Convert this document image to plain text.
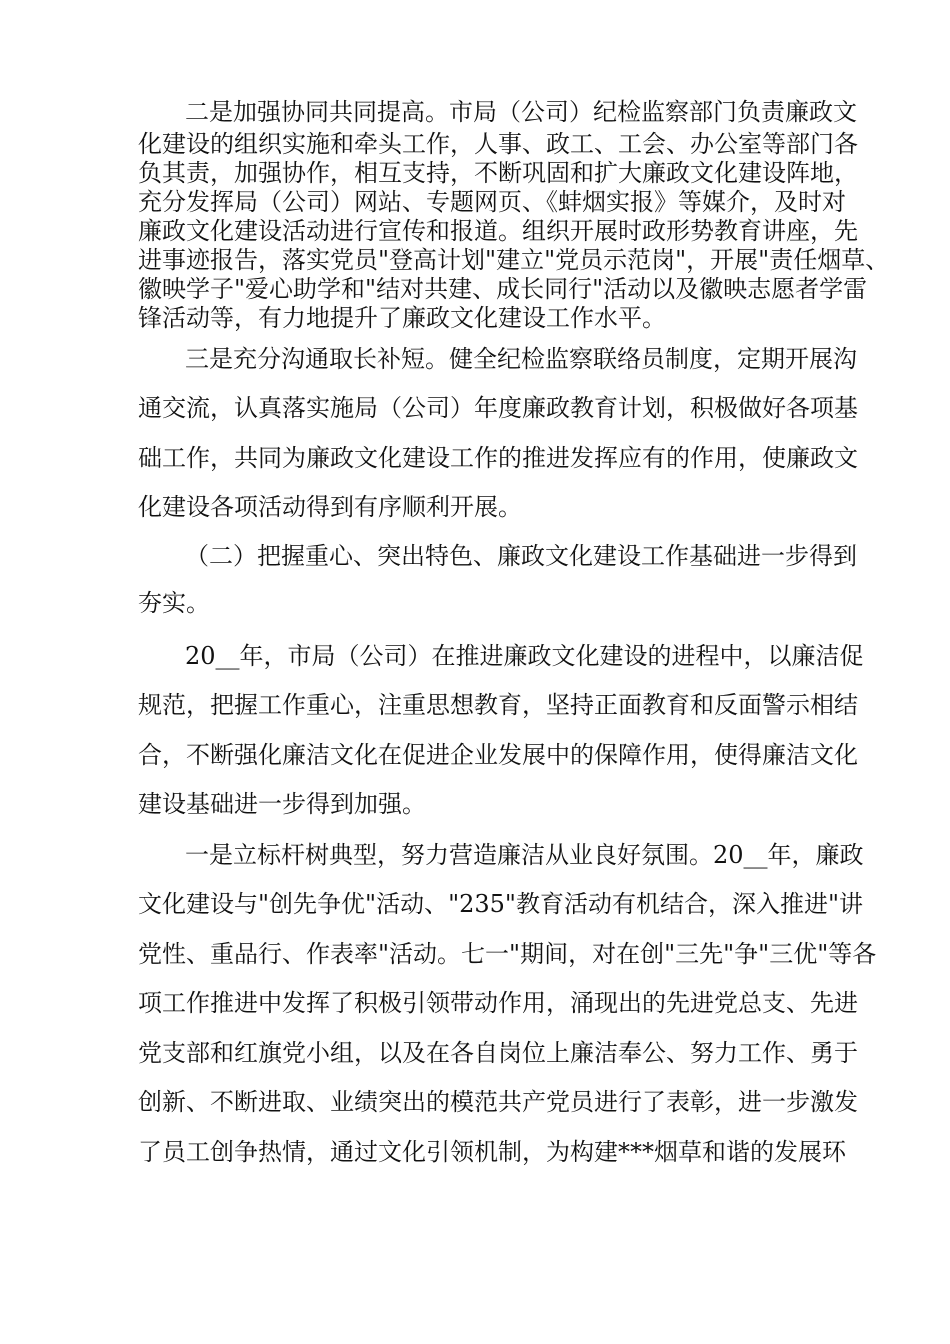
二是加强协同共同提高。市局（公司）纪检监察部门负责廉政文
化建设的组织实施和牵头工作，人事、政工、工会、办公室等部门各
负其责，加强协作，相互支持，不断巩固和扩大廉政文化建设阵地，
充分发挥局（公司）网站、专题网页、《蚌烟实报》等媒介，及时对
廉政文化建设活动进行宣传和报道。组织开展时政形势教育讲座，先
进事迹报告，落实党员"登高计划"建立"党员示范岗"，开展"责任烟草、
徽映学子"爱心助学和"结对共建、成长同行"活动以及徽映志愿者学雷
锋活动等，有力地提升了廉政文化建设工作水平。
三是充分沟通取长补短。健全纪检监察联络员制度，定期开展沟
通交流，认真落实施局（公司）年度廉政教育计划，积极做好各项基
础工作，共同为廉政文化建设工作的推进发挥应有的作用，使廉政文
化建设各项活动得到有序顺利开展。
（二）把握重心、突出特色、廉政文化建设工作基础进一步得到
夯实。
20__年，市局（公司）在推进廉政文化建设的进程中，以廉洁促
规范，把握工作重心，注重思想教育，坚持正面教育和反面警示相结
合，不断强化廉洁文化在促进企业发展中的保障作用，使得廉洁文化
建设基础进一步得到加强。
一是立标杆树典型，努力营造廉洁从业良好氛围。20__年，廉政
文化建设与"创先争优"活动、"235"教育活动有机结合，深入推进"讲
党性、重品行、作表率"活动。七一"期间，对在创"三先"争"三优"等各
项工作推进中发挥了积极引领带动作用，涌现出的先进党总支、先进
党支部和红旗党小组，以及在各自岗位上廉洁奉公、努力工作、勇于
创新、不断进取、业绩突出的模范共产党员进行了表彰，进一步激发
了员工创争热情，通过文化引领机制，为构建***烟草和谐的发展环
